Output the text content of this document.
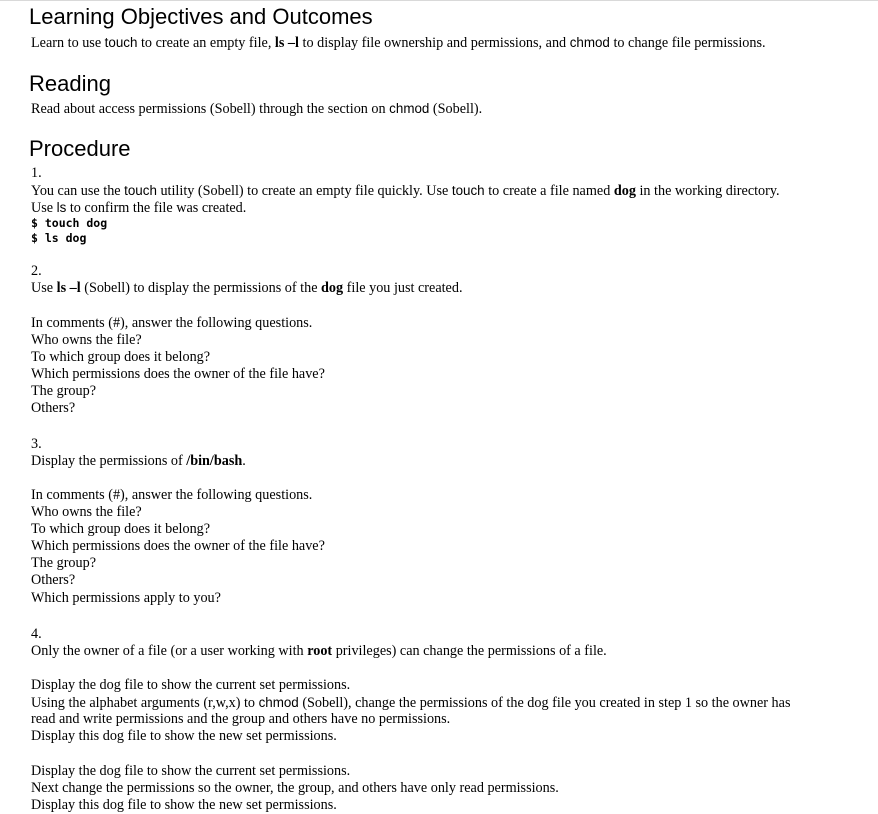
Learning Objectives and Outcomes
Learn to use touch to create an empty file, ls –l to display file ownership and permissions, and chmod to change file permissions.
Reading
Read about access permissions (Sobell) through the section on chmod (Sobell).
Procedure
1.
You can use the touch utility (Sobell) to create an empty file quickly. Use touch to create a file named dog in the working directory.
Use ls to confirm the file was created.
$ touch dog
$ ls dog
2.
Use ls –l (Sobell) to display the permissions of the dog file you just created.
In comments (#), answer the following questions.
Who owns the file?
To which group does it belong?
Which permissions does the owner of the file have?
The group?
Others?
3.
Display the permissions of /bin/bash.
In comments (#), answer the following questions.
Who owns the file?
To which group does it belong?
Which permissions does the owner of the file have?
The group?
Others?
Which permissions apply to you?
4.
Only the owner of a file (or a user working with root privileges) can change the permissions of a file.
Display the dog file to show the current set permissions.
Using the alphabet arguments (r,w,x) to chmod (Sobell), change the permissions of the dog file you created in step 1 so the owner has
read and write permissions and the group and others have no permissions.
Display this dog file to show the new set permissions.
Display the dog file to show the current set permissions.
Next change the permissions so the owner, the group, and others have only read permissions.
Display this dog file to show the new set permissions.
